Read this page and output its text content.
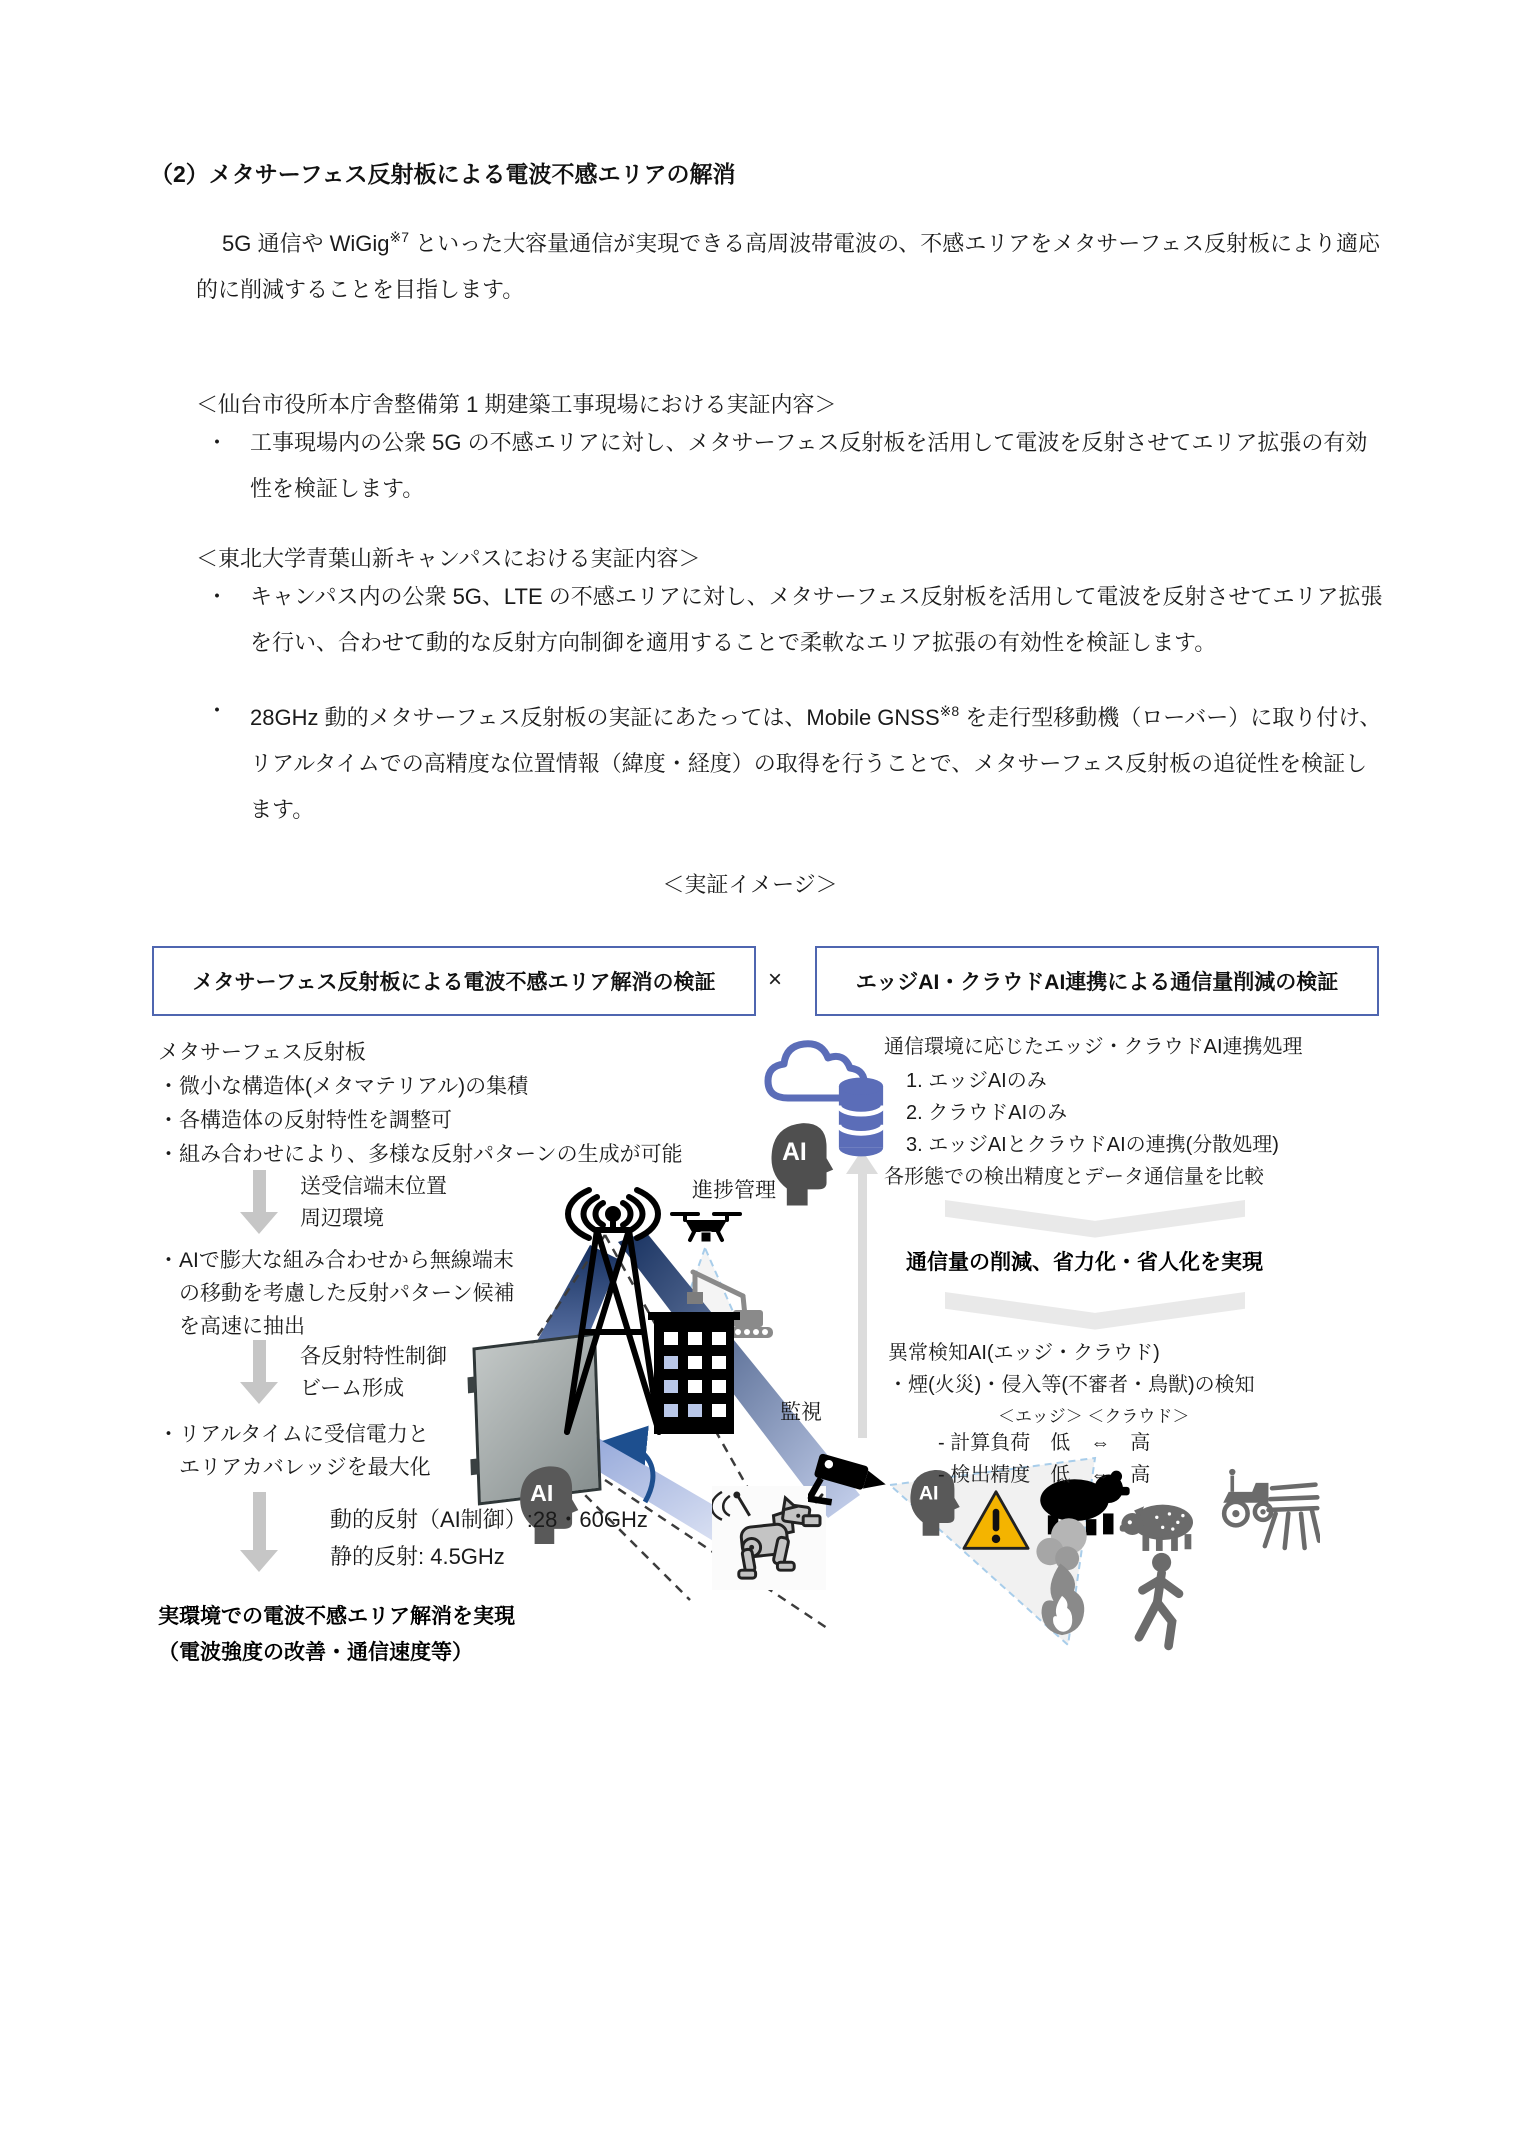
（2）メタサーフェス反射板による電波不感エリアの解消

5G 通信や WiGig$^{※7}$ といった大容量通信が実現できる高周波帯電波の、不感エリアをメタサーフェス反射板により適応的に削減することを目指します。

＜仙台市役所本庁舎整備第 1 期建築工事現場における実証内容＞
・ 工事現場内の公衆 5G の不感エリアに対し、メタサーフェス反射板を活用して電波を反射させてエリア拡張の有効性を検証します。
＜東北大学青葉山新キャンパスにおける実証内容＞
・ キャンパス内の公衆 5G、LTE の不感エリアに対し、メタサーフェス反射板を活用して電波を反射させてエリア拡張を行い、合わせて動的な反射方向制御を適用することで柔軟なエリア拡張の有効性を検証します。
・ 28GHz 動的メタサーフェス反射板の実証にあたっては、Mobile GNSS$^{※8}$ を走行型移動機（ローバー）に取り付け、リアルタイムでの高精度な位置情報（緯度・経度）の取得を行うことで、メタサーフェス反射板の追従性を検証します。
＜実証イメージ＞
メタサーフェス反射板による電波不感エリア解消の検証	×	エッジAI・クラウドAI連携による通信量削減の検証
メタサーフェス反射板
・微小な構造体(メタマテリアル)の集積
・各構造体の反射特性を調整可
・組み合わせにより、多様な反射パターンの生成が可能
送受信端末位置
周辺環境
・AIで膨大な組み合わせから無線端末
　の移動を考慮した反射パターン候補
　を高速に抽出
各反射特性制御
ビーム形成
・リアルタイムに受信電力と
　エリアカバレッジを最大化
動的反射（AI制御）:28・60GHz
静的反射: 4.5GHz
実環境での電波不感エリア解消を実現
（電波強度の改善・通信速度等）
進捗管理
AI
監視
AI
AI
通信環境に応じたエッジ・クラウドAI連携処理
1. エッジAIのみ
2. クラウドAIのみ
3. エッジAIとクラウドAIの連携(分散処理)
各形態での検出精度とデータ通信量を比較
通信量の削減、省力化・省人化を実現
異常検知AI(エッジ・クラウド)
・煙(火災)・侵入等(不審者・鳥獣)の検知
＜エッジ＞ ＜クラウド＞
- 計算負荷　低　⇔　高
- 検出精度　低　⇔　高
